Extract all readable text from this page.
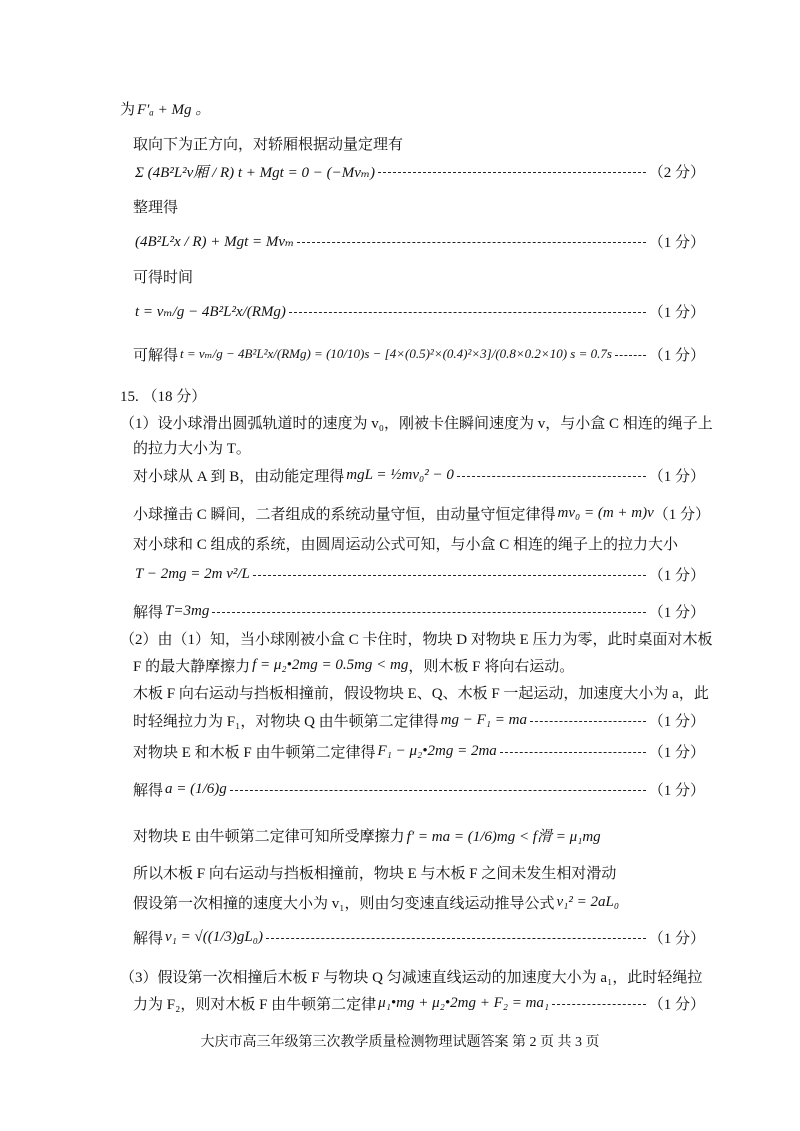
为 F′ₐ + Mg 。
取向下为正方向，对轿厢根据动量定理有
Σ (4B²L²v厢 / R) t + Mgt = 0 − (−Mvₘ)	（2 分）
整理得
(4B²L²x / R) + Mgt = Mvₘ	（1 分）
可得时间
t = vₘ/g − 4B²L²x/(RMg)	（1 分）
可解得 t = vₘ/g − 4B²L²x/(RMg) = (10/10)s − [4×(0.5)²×(0.4)²×3]/(0.8×0.2×10) s = 0.7s （1 分）
15. （18 分）
（1）设小球滑出圆弧轨道时的速度为 v₀，刚被卡住瞬间速度为 v，与小盒 C 相连的绳子上
的拉力大小为 T。
对小球从 A 到 B，由动能定理得 mgL = ½mv₀² − 0	（1 分）
小球撞击 C 瞬间，二者组成的系统动量守恒，由动量守恒定律得 mv₀ = (m + m)v （1 分）
对小球和 C 组成的系统，由圆周运动公式可知，与小盒 C 相连的绳子上的拉力大小
T − 2mg = 2m v²/L	（1 分）
解得 T=3mg	（1 分）
（2）由（1）知，当小球刚被小盒 C 卡住时，物块 D 对物块 E 压力为零，此时桌面对木板
F 的最大静摩擦力 f = μ₂•2mg = 0.5mg < mg ，则木板 F 将向右运动。
木板 F 向右运动与挡板相撞前，假设物块 E、Q、木板 F 一起运动，加速度大小为 a，此
时轻绳拉力为 F₁，对物块 Q 由牛顿第二定律得 mg − F₁ = ma	（1 分）
对物块 E 和木板 F 由牛顿第二定律得 F₁ − μ₂•2mg = 2ma	（1 分）
解得 a = (1/6)g	（1 分）
对物块 E 由牛顿第二定律可知所受摩擦力 f′ = ma = (1/6)mg < f滑 = μ₁mg
所以木板 F 向右运动与挡板相撞前，物块 E 与木板 F 之间未发生相对滑动
假设第一次相撞的速度大小为 v₁，则由匀变速直线运动推导公式 v₁² = 2aL₀
解得 v₁ = √((1/3)gL₀)	（1 分）
（3）假设第一次相撞后木板 F 与物块 Q 匀减速直线运动的加速度大小为 a₁，此时轻绳拉
力为 F₂，则对木板 F 由牛顿第二定律 μ₁•mg + μ₂•2mg + F₂ = ma₁	（1 分）
大庆市高三年级第三次教学质量检测物理试题答案 第 2 页 共 3 页
